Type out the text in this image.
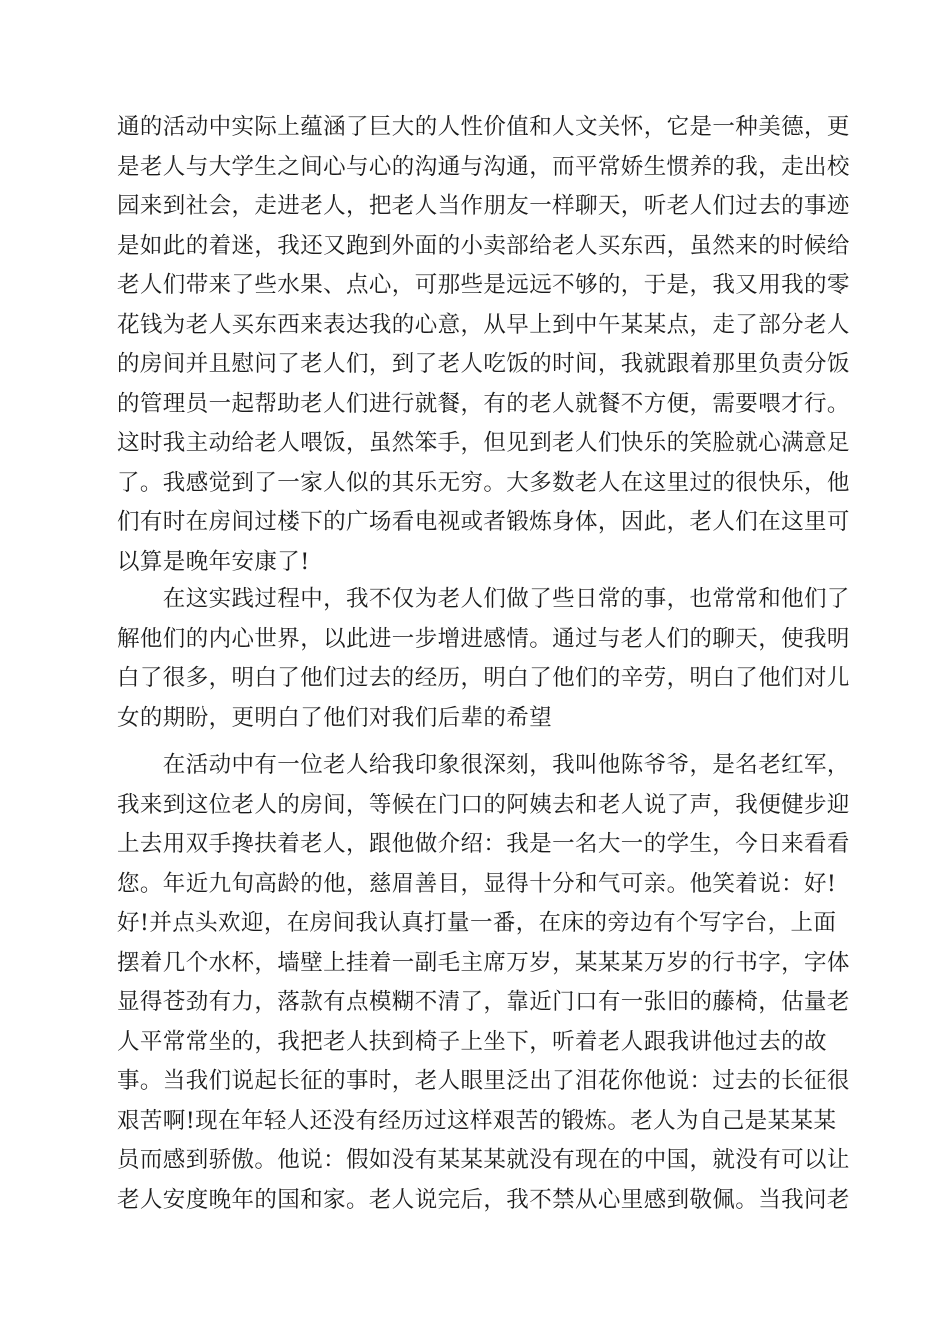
通的活动中实际上蕴涵了巨大的人性价值和人文关怀，它是一种美德，更
是老人与大学生之间心与心的沟通与沟通，而平常娇生惯养的我，走出校
园来到社会，走进老人，把老人当作朋友一样聊天，听老人们过去的事迹
是如此的着迷，我还又跑到外面的小卖部给老人买东西，虽然来的时候给
老人们带来了些水果、点心，可那些是远远不够的，于是，我又用我的零
花钱为老人买东西来表达我的心意，从早上到中午某某点，走了部分老人
的房间并且慰问了老人们，到了老人吃饭的时间，我就跟着那里负责分饭
的管理员一起帮助老人们进行就餐，有的老人就餐不方便，需要喂才行。
这时我主动给老人喂饭，虽然笨手，但见到老人们快乐的笑脸就心满意足
了。我感觉到了一家人似的其乐无穷。大多数老人在这里过的很快乐，他
们有时在房间过楼下的广场看电视或者锻炼身体，因此，老人们在这里可
以算是晚年安康了!
　　在这实践过程中，我不仅为老人们做了些日常的事，也常常和他们了
解他们的内心世界，以此进一步增进感情。通过与老人们的聊天，使我明
白了很多，明白了他们过去的经历，明白了他们的辛劳，明白了他们对儿
女的期盼，更明白了他们对我们后辈的希望
　　在活动中有一位老人给我印象很深刻，我叫他陈爷爷，是名老红军，
我来到这位老人的房间，等候在门口的阿姨去和老人说了声，我便健步迎
上去用双手搀扶着老人，跟他做介绍：我是一名大一的学生，今日来看看
您。年近九旬高龄的他，慈眉善目，显得十分和气可亲。他笑着说：好!
好!并点头欢迎，在房间我认真打量一番，在床的旁边有个写字台，上面
摆着几个水杯，墙壁上挂着一副毛主席万岁，某某某万岁的行书字，字体
显得苍劲有力，落款有点模糊不清了，靠近门口有一张旧的藤椅，估量老
人平常常坐的，我把老人扶到椅子上坐下，听着老人跟我讲他过去的故
事。当我们说起长征的事时，老人眼里泛出了泪花你他说：过去的长征很
艰苦啊!现在年轻人还没有经历过这样艰苦的锻炼。老人为自己是某某某
员而感到骄傲。他说：假如没有某某某就没有现在的中国，就没有可以让
老人安度晚年的国和家。老人说完后，我不禁从心里感到敬佩。当我问老
